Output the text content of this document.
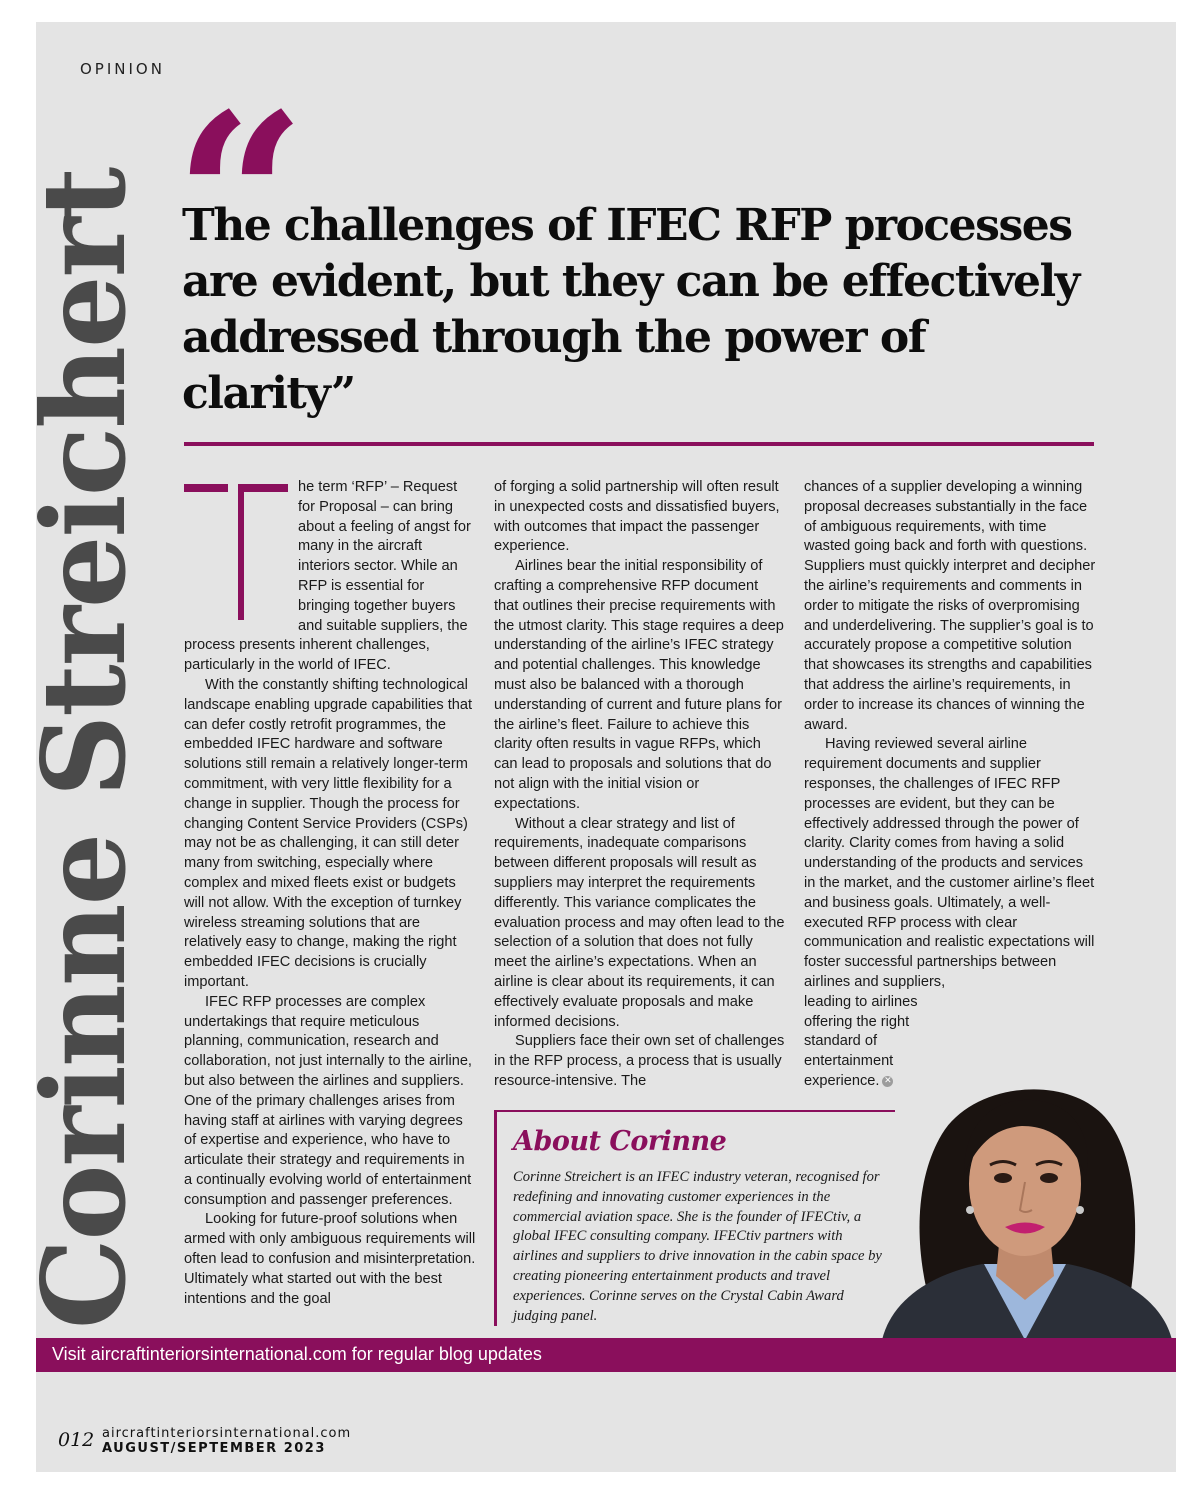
OPINION
Corinne Streichert “
The challenges of IFEC RFP processes are evident, but they can be effectively addressed through the power of clarity”

he term ‘RFP’ – Request for Proposal – can bring about a feeling of angst for many in the aircraft interiors sector. While an RFP is essential for bringing together buyers and suitable suppliers, the process presents inherent challenges, particularly in the world of IFEC.

With the constantly shifting technological landscape enabling upgrade capabilities that can defer costly retrofit programmes, the embedded IFEC hardware and software solutions still remain a relatively longer-term commitment, with very little flexibility for a change in supplier. Though the process for changing Content Service Providers (CSPs) may not be as challenging, it can still deter many from switching, especially where complex and mixed fleets exist or budgets will not allow. With the exception of turnkey wireless streaming solutions that are relatively easy to change, making the right embedded IFEC decisions is crucially important.

IFEC RFP processes are complex undertakings that require meticulous planning, communication, research and collaboration, not just internally to the airline, but also between the airlines and suppliers. One of the primary challenges arises from having staff at airlines with varying degrees of expertise and experience, who have to articulate their strategy and requirements in a continually evolving world of entertainment consumption and passenger preferences.

Looking for future-proof solutions when armed with only ambiguous requirements will often lead to confusion and misinterpretation. Ultimately what started out with the best intentions and the goal

of forging a solid partnership will often result in unexpected costs and dissatisfied buyers, with outcomes that impact the passenger experience.

Airlines bear the initial responsibility of crafting a comprehensive RFP document that outlines their precise requirements with the utmost clarity. This stage requires a deep understanding of the airline’s IFEC strategy and potential challenges. This knowledge must also be balanced with a thorough understanding of current and future plans for the airline’s fleet. Failure to achieve this clarity often results in vague RFPs, which can lead to proposals and solutions that do not align with the initial vision or expectations.

Without a clear strategy and list of requirements, inadequate comparisons between different proposals will result as suppliers may interpret the requirements differently. This variance complicates the evaluation process and may often lead to the selection of a solution that does not fully meet the airline’s expectations. When an airline is clear about its requirements, it can effectively evaluate proposals and make informed decisions.

Suppliers face their own set of challenges in the RFP process, a process that is usually resource-intensive. The

chances of a supplier developing a winning proposal decreases substantially in the face of ambiguous requirements, with time wasted going back and forth with questions. Suppliers must quickly interpret and decipher the airline’s requirements and comments in order to mitigate the risks of overpromising and underdelivering. The supplier’s goal is to accurately propose a competitive solution that showcases its strengths and capabilities that address the airline’s requirements, in order to increase its chances of winning the award.

Having reviewed several airline requirement documents and supplier responses, the challenges of IFEC RFP processes are evident, but they can be effectively addressed through the power of clarity. Clarity comes from having a solid understanding of the products and services in the market, and the customer airline’s fleet and business goals. Ultimately, a well-executed RFP process with clear communication and realistic expectations will foster successful partnerships between airlines and suppliers,

leading to airlines

offering the right

standard of

entertainment

experience. ✕

About Corinne

Corinne Streichert is an IFEC industry veteran, recognised for redefining and innovating customer experiences in the commercial aviation space. She is the founder of IFECtiv, a global IFEC consulting company. IFECtiv partners with airlines and suppliers to drive innovation in the cabin space by creating pioneering entertainment products and travel experiences. Corinne serves on the Crystal Cabin Award judging panel.

Visit aircraftinteriorsinternational.com for regular blog updates
012 aircraftinteriorsinternational.com
AUGUST/SEPTEMBER 2023
